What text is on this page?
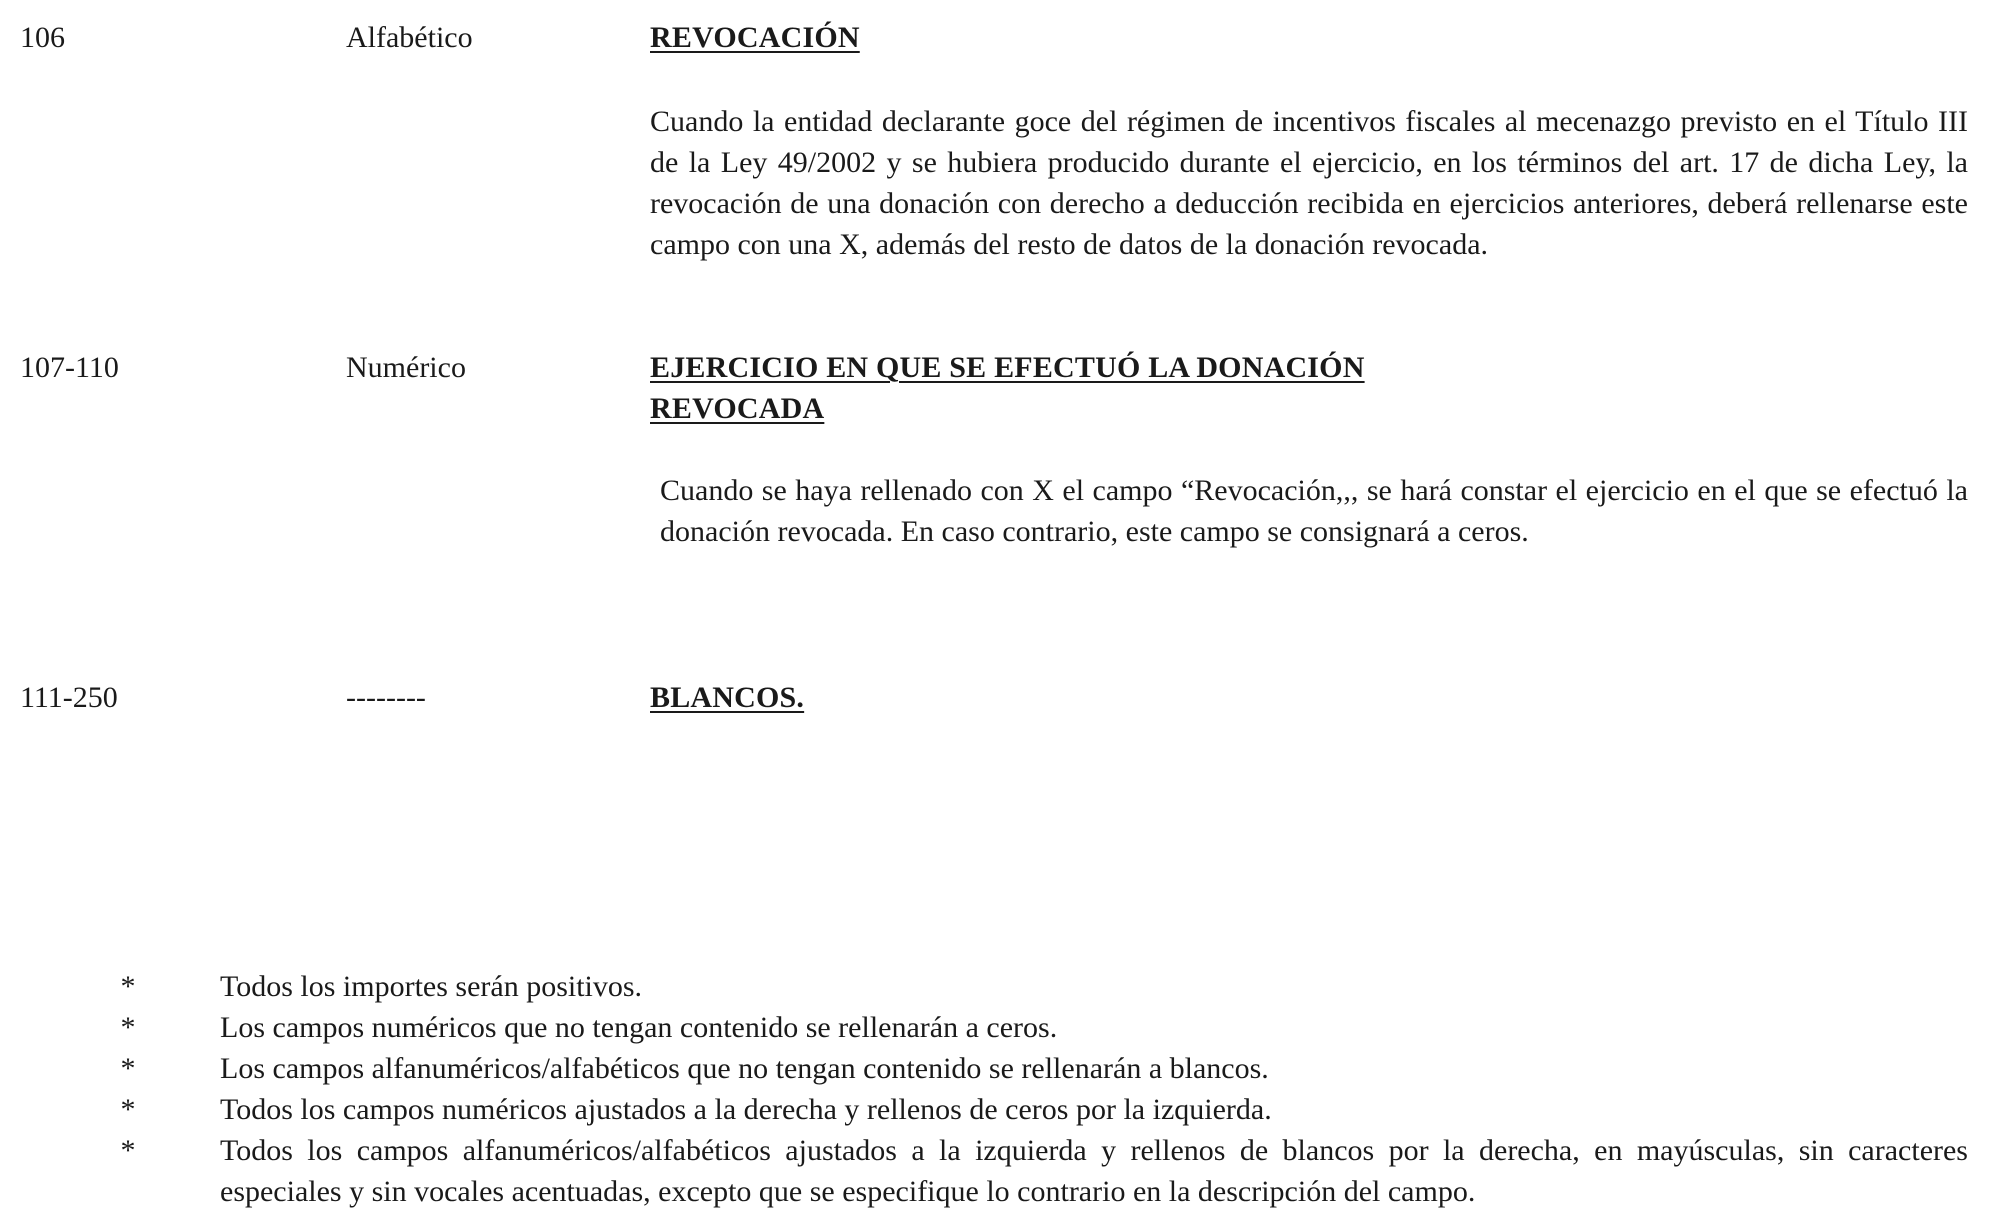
106	Alfabético	REVOCACIÓN
Cuando la entidad declarante goce del régimen de incentivos fiscales al mecenazgo previsto en el Título III de la Ley 49/2002 y se hubiera producido durante el ejercicio, en los términos del art. 17 de dicha Ley, la revocación de una donación con derecho a deducción recibida en ejercicios anteriores, deberá rellenarse este campo con una X, además del resto de datos de la donación revocada.
107-110	Numérico	EJERCICIO EN QUE SE EFECTUÓ LA DONACIÓN
REVOCADA
Cuando se haya rellenado con X el campo “Revocación,,, se hará constar el ejercicio en el que se efectuó la donación revocada. En caso contrario, este campo se consignará a ceros.
111-250	--------	BLANCOS.
*	Todos los importes serán positivos.
*	Los campos numéricos que no tengan contenido se rellenarán a ceros.
*	Los campos alfanuméricos/alfabéticos que no tengan contenido se rellenarán a blancos.
*	Todos los campos numéricos ajustados a la derecha y rellenos de ceros por la izquierda.
*	Todos los campos alfanuméricos/alfabéticos ajustados a la izquierda y rellenos de blancos por la derecha, en mayúsculas, sin caracteres especiales y sin vocales acentuadas, excepto que se especifique lo contrario en la descripción del campo.
